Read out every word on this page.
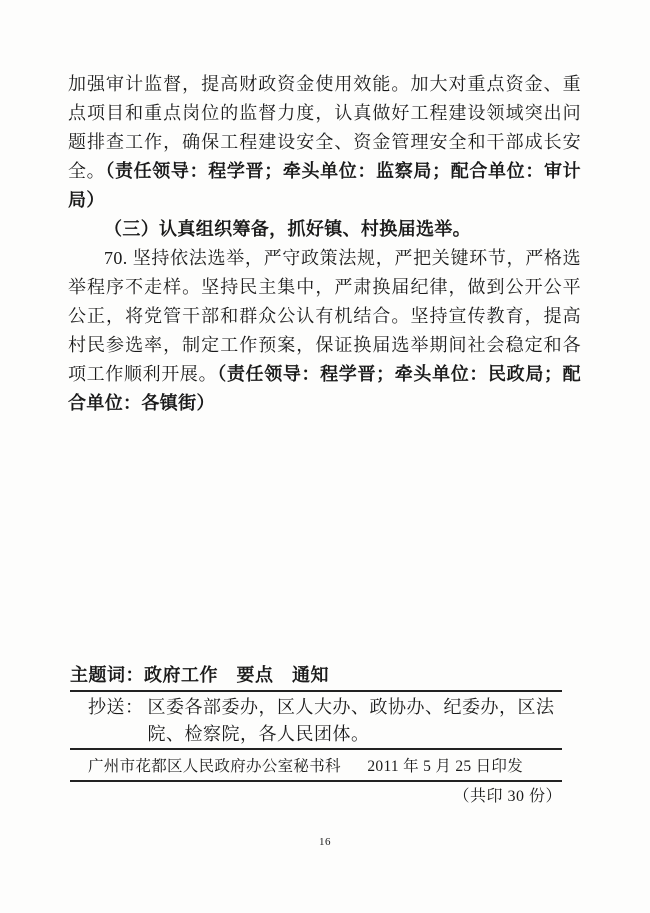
加强审计监督，提高财政资金使用效能。加大对重点资金、重点项目和重点岗位的监督力度，认真做好工程建设领域突出问题排查工作，确保工程建设安全、资金管理安全和干部成长安全。（责任领导：程学晋；牵头单位：监察局；配合单位：审计局）

（三）认真组织筹备，抓好镇、村换届选举。

70. 坚持依法选举，严守政策法规，严把关键环节，严格选举程序不走样。坚持民主集中，严肃换届纪律，做到公开公平公正，将党管干部和群众公认有机结合。坚持宣传教育，提高村民参选率，制定工作预案，保证换届选举期间社会稳定和各项工作顺利开展。（责任领导：程学晋；牵头单位：民政局；配合单位：各镇街）

主题词：政府工作　要点　通知
抄送： 区委各部委办，区人大办、政协办、纪委办，区法
院、检察院，各人民团体。
广州市花都区人民政府办公室秘书科 2011 年 5 月 25 日印发
（共印 30 份）
16
